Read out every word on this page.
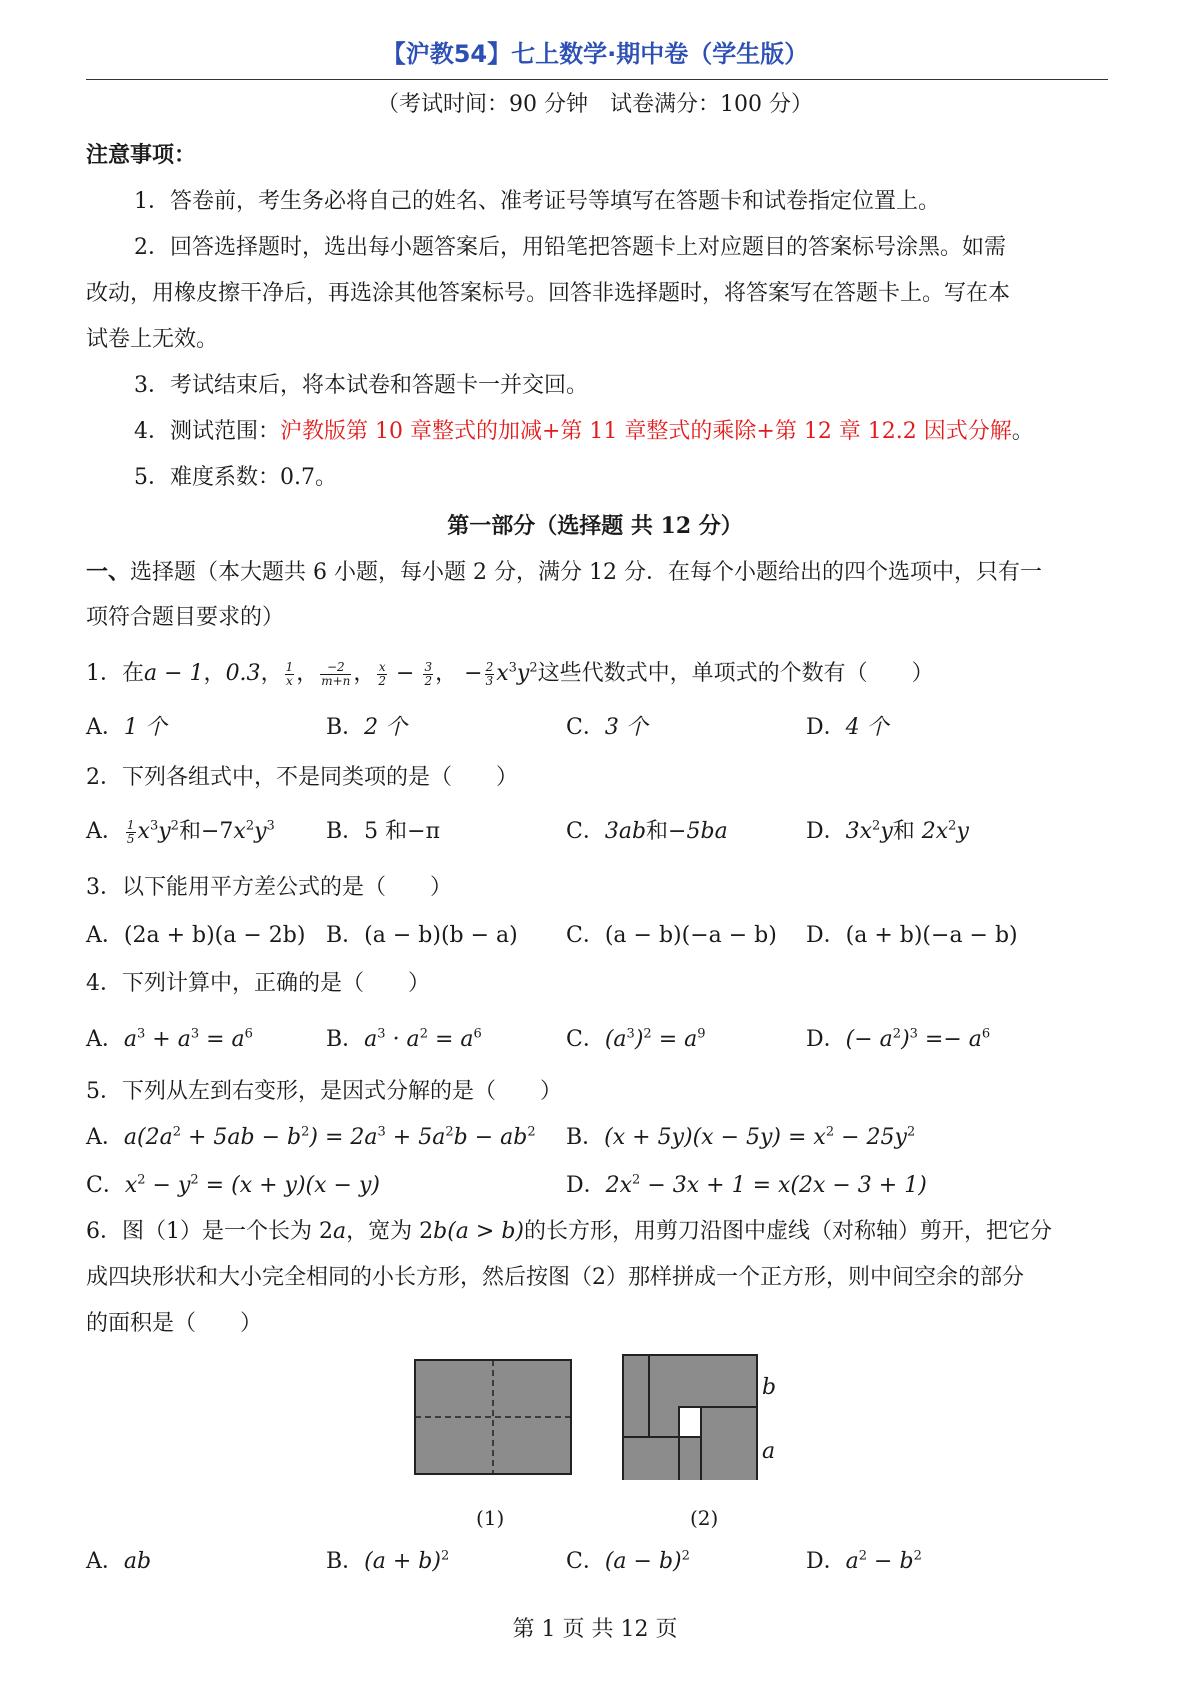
【沪教54】七上数学·期中卷（学生版）
（考试时间：90 分钟　试卷满分：100 分）
注意事项：
1．答卷前，考生务必将自己的姓名、准考证号等填写在答题卡和试卷指定位置上。
2．回答选择题时，选出每小题答案后，用铅笔把答题卡上对应题目的答案标号涂黑。如需
改动，用橡皮擦干净后，再选涂其他答案标号。回答非选择题时，将答案写在答题卡上。写在本
试卷上无效。
3．考试结束后，将本试卷和答题卡一并交回。
4．测试范围：沪教版第 10 章整式的加减+第 11 章整式的乘除+第 12 章 12.2 因式分解。
5．难度系数：0.7。
第一部分（选择题 共 12 分）
一、选择题（本大题共 6 小题，每小题 2 分，满分 12 分．在每个小题给出的四个选项中，只有一
项符合题目要求的）
1．在a − 1，0.3， $\frac{1}{x}$ ， $\frac{-2}{m+n}$ ， $\frac{x}{2} - \frac{3}{2}$ ， − $\frac{2}{3} x^3y^2$这些代数式中，单项式的个数有（　　）
A．1 个	B．2 个	C．3 个	D．4 个
2．下列各组式中，不是同类项的是（　　）
A． $\frac{1}{5} x^3y^2$和$-7x^2y^3$ B．5 和−π	C．3ab和−5ba	D．$3x^2y$和 $2x^2y$
3．以下能用平方差公式的是（　　）
A．(2a + b)(a − 2b) B．(a − b)(b − a) C．(a − b)(−a − b) D．(a + b)(−a − b)
4．下列计算中，正确的是（　　）
A．$a^3 + a^3 = a^6$	B．$a^3 \cdot a^2 = a^6$	C．$(a^3)^2 = a^9$	D．(− $a^2)^3 =- a^6$
5．下列从左到右变形，是因式分解的是（　　）
A．$a(2a^2 + 5ab - b^2) = 2a^3 + 5a^2b - ab^2$ B．$(x + 5y)(x - 5y) = x^2 - 25y^2$
C．$x^2 - y^2 = (x + y)(x - y)$	D．$2x^2 - 3x + 1 = x(2x - 3 + 1)$
6．图（1）是一个长为 2a，宽为 2b(a > b)的长方形，用剪刀沿图中虚线（对称轴）剪开，把它分
成四块形状和大小完全相同的小长方形，然后按图（2）那样拼成一个正方形，则中间空余的部分
的面积是（　　）
b
a
(1)	(2)
A．ab	B．$(a + b)^2$	C．$(a - b)^2$	D．$a^2 - b^2$
第 1 页 共 12 页
